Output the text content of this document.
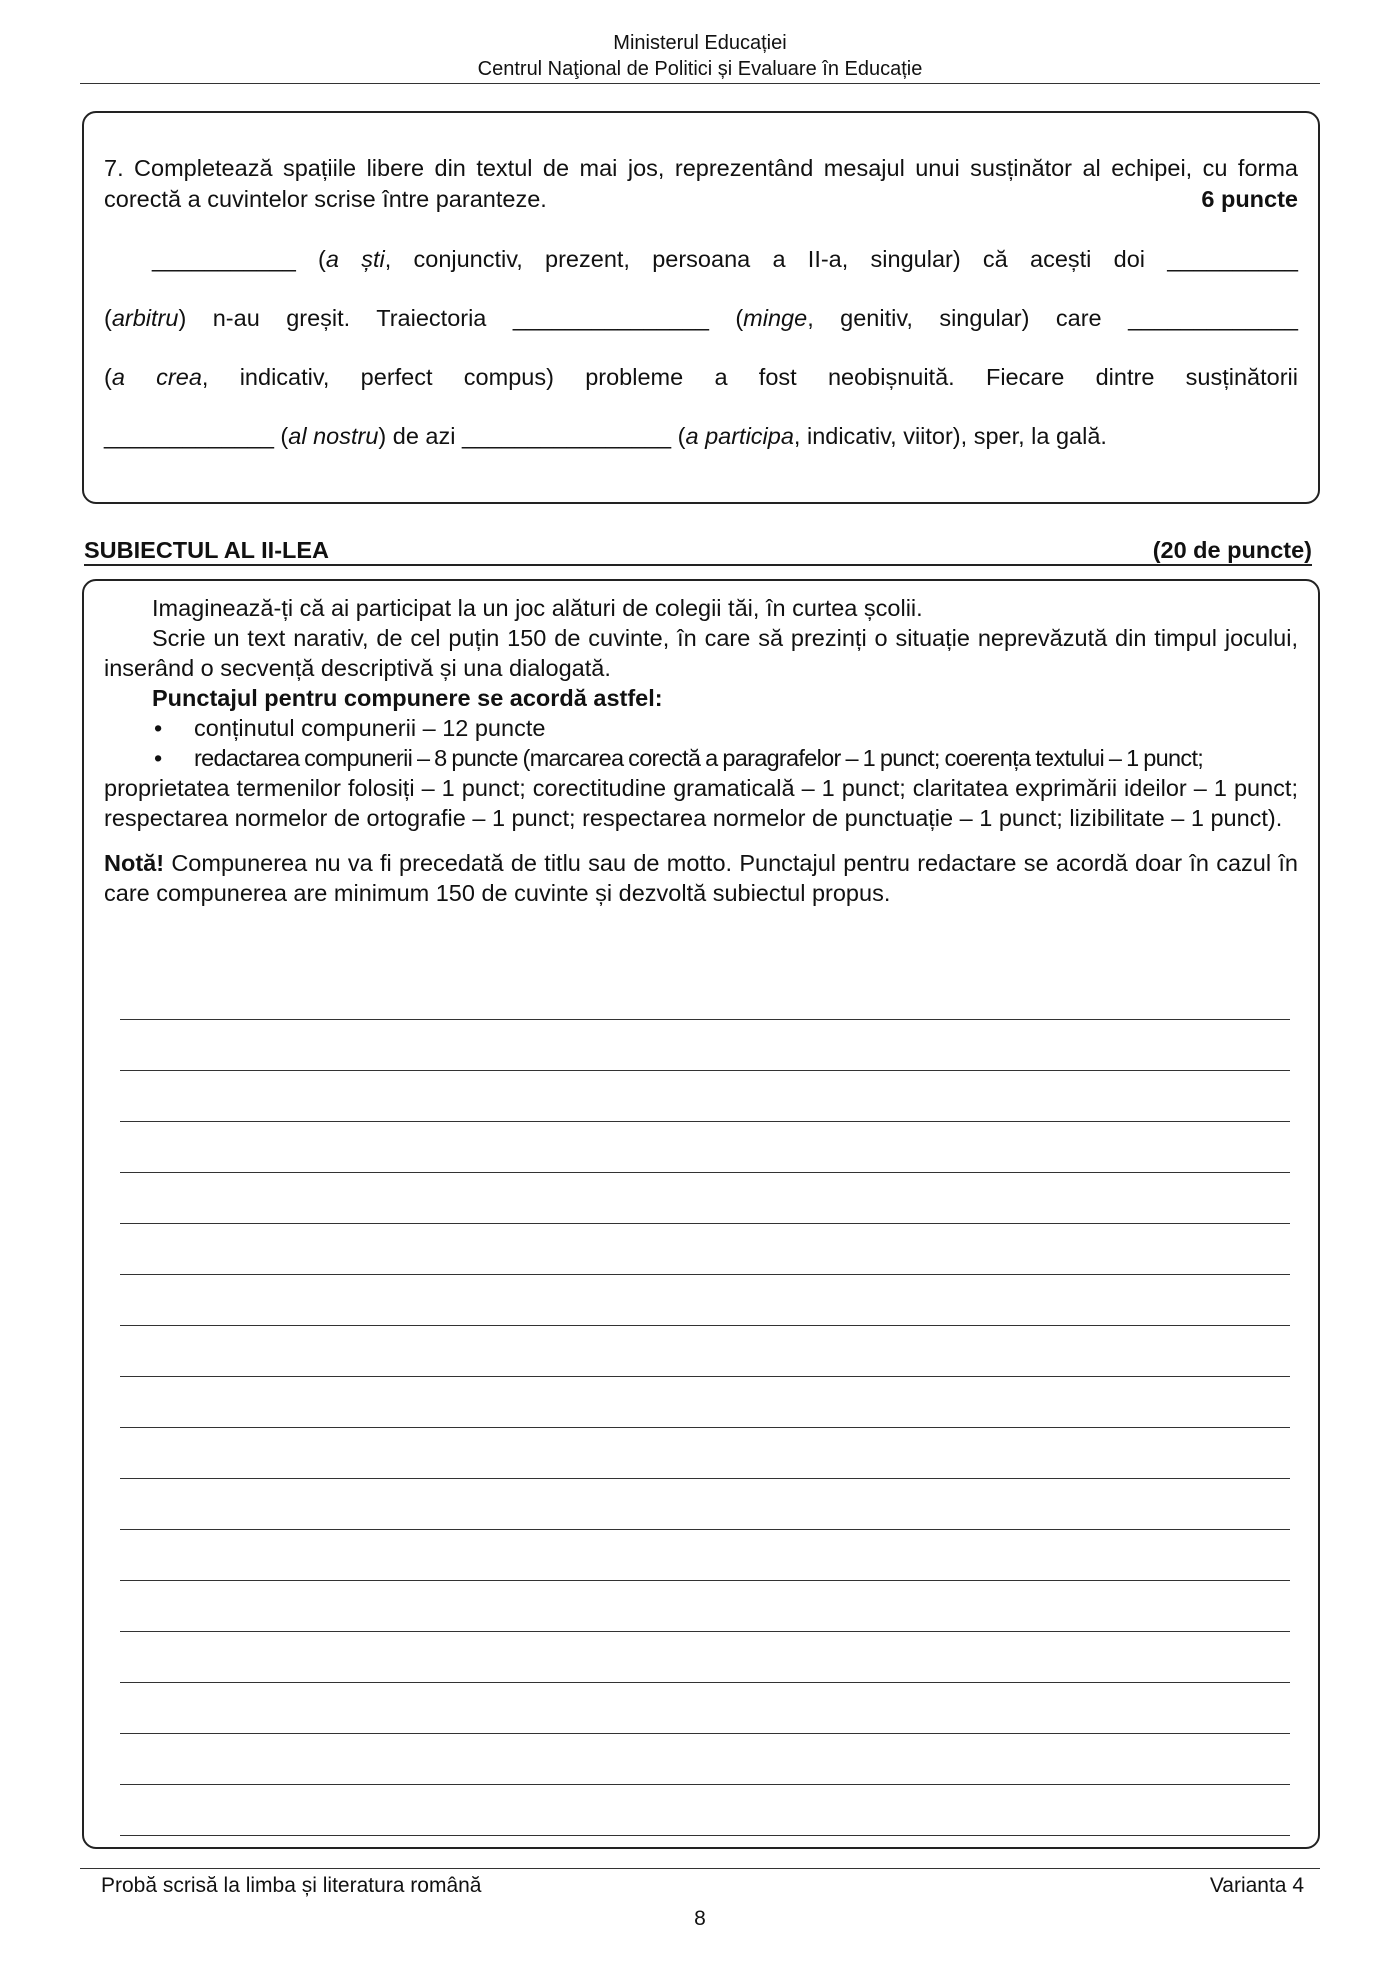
Ministerul Educației
Centrul Naţional de Politici și Evaluare în Educație

7. Completează spațiile libere din textul de mai jos, reprezentând mesajul unui susținător al echipei, cu forma corectă a cuvintelor scrise între paranteze.	6 puncte

___________ (a ști, conjunctiv, prezent, persoana a II-a, singular) că acești doi __________

(arbitru) n-au greșit. Traiectoria _______________ (minge, genitiv, singular) care _____________

(a crea, indicativ, perfect compus) probleme a fost neobișnuită. Fiecare dintre susținătorii

_____________ (al nostru) de azi ________________ (a participa, indicativ, viitor), sper, la gală.

SUBIECTUL AL II-LEA	(20 de puncte)

Imaginează-ți că ai participat la un joc alături de colegii tăi, în curtea școlii.

Scrie un text narativ, de cel puțin 150 de cuvinte, în care să prezinți o situație neprevăzută din timpul jocului, inserând o secvență descriptivă și una dialogată.

Punctajul pentru compunere se acordă astfel:

•	conținutul compunerii – 12 puncte
• redactarea compunerii – 8 puncte (marcarea corectă a paragrafelor – 1 punct; coerența textului – 1 punct;

proprietatea termenilor folosiți – 1 punct; corectitudine gramaticală – 1 punct; claritatea exprimării ideilor – 1 punct; respectarea normelor de ortografie – 1 punct; respectarea normelor de punctuație – 1 punct; lizibilitate – 1 punct).

Notă! Compunerea nu va fi precedată de titlu sau de motto. Punctajul pentru redactare se acordă doar în cazul în care compunerea are minimum 150 de cuvinte și dezvoltă subiectul propus.

Probă scrisă la limba și literatura română	Varianta 4
8
